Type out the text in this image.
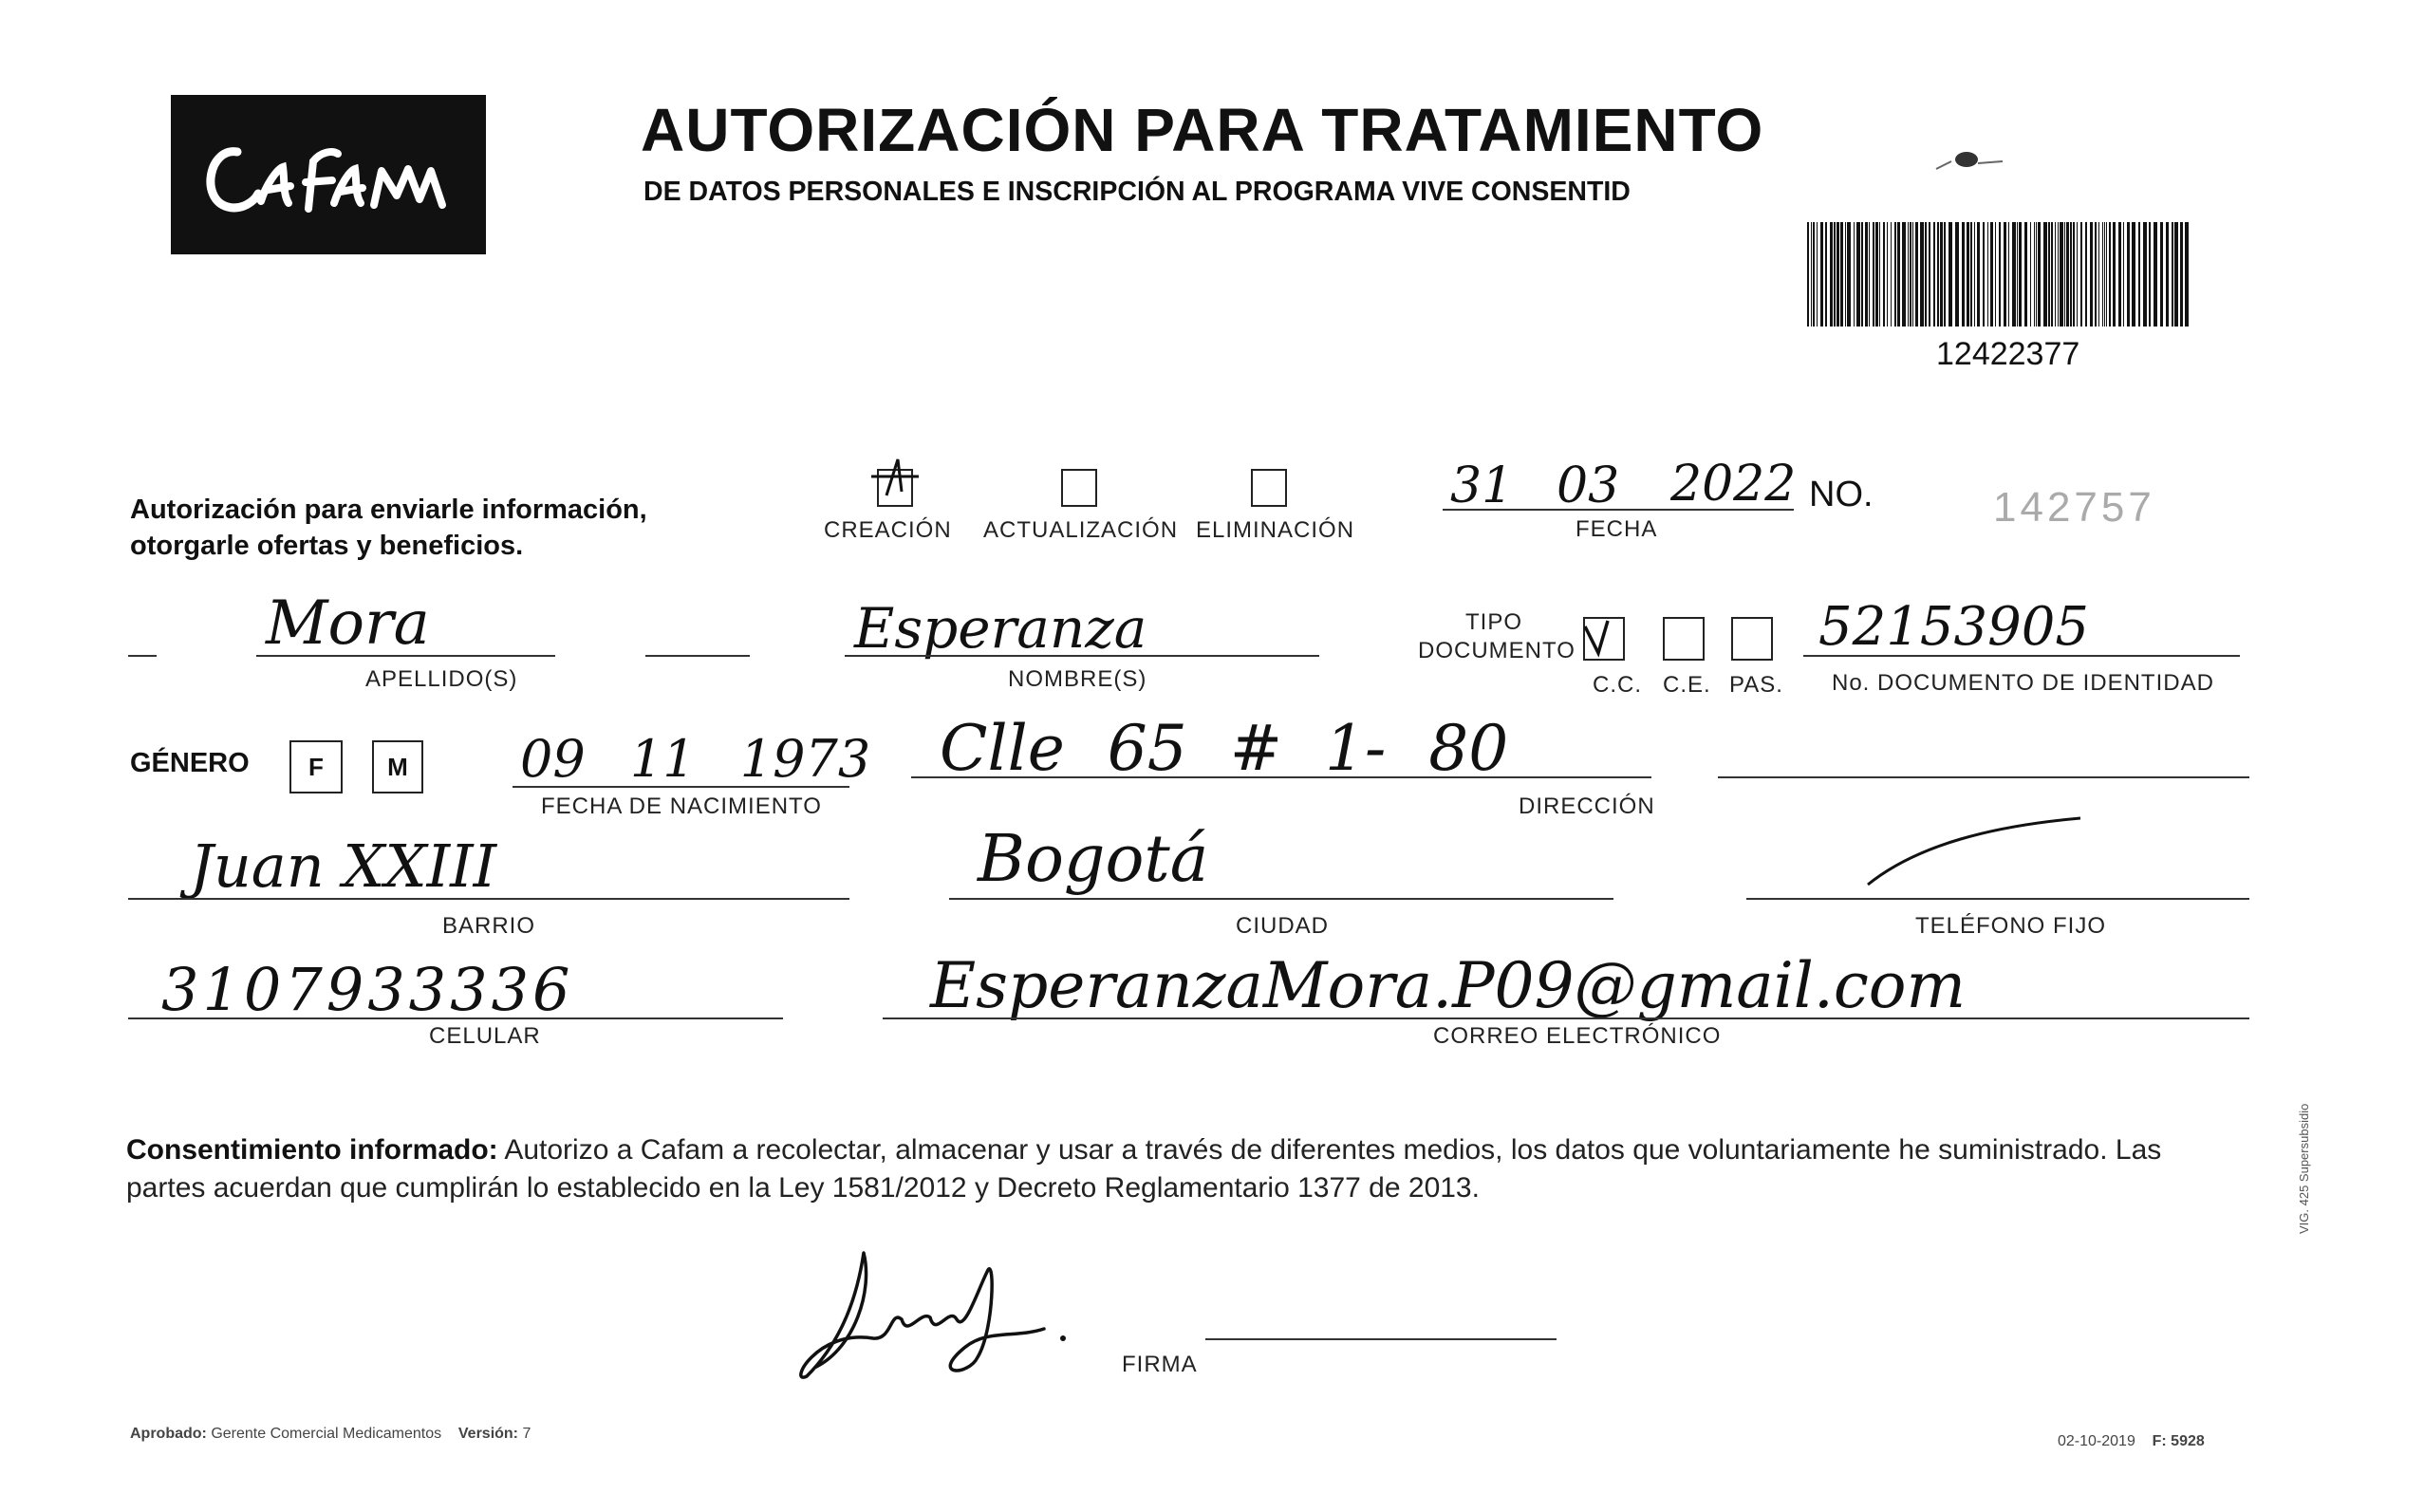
AUTORIZACIÓN PARA TRATAMIENTO
DE DATOS PERSONALES E INSCRIPCIÓN AL PROGRAMA VIVE CONSENTID
12422377
Autorización para enviarle información,
otorgarle ofertas y beneficios.
CREACIÓN ACTUALIZACIÓN ELIMINACIÓN
31 03 2022
FECHA
NO.	142757
Mora
APELLIDO(S)
Esperanza
NOMBRE(S)
TIPO
DOCUMENTO
C.C. C.E. PAS.
52153905
No. DOCUMENTO DE IDENTIDAD
GÉNERO	F	M 09 11 1973
FECHA DE NACIMIENTO
Clle 65 # 1- 80
DIRECCIÓN
Juan XXIII
BARRIO
Bogotá
CIUDAD	TELÉFONO FIJO
3107933336
CELULAR
EsperanzaMora.P09@gmail.com
CORREO ELECTRÓNICO
Consentimiento informado: Autorizo a Cafam a recolectar, almacenar y usar a través de diferentes medios, los datos que voluntariamente he suministrado. Las partes acuerdan que cumplirán lo establecido en la Ley 1581/2012 y Decreto Reglamentario 1377 de 2013.
FIRMA
Aprobado: Gerente Comercial Medicamentos Versión: 7	02-10-2019 F: 5928
VIG. 425 Supersubsidio
